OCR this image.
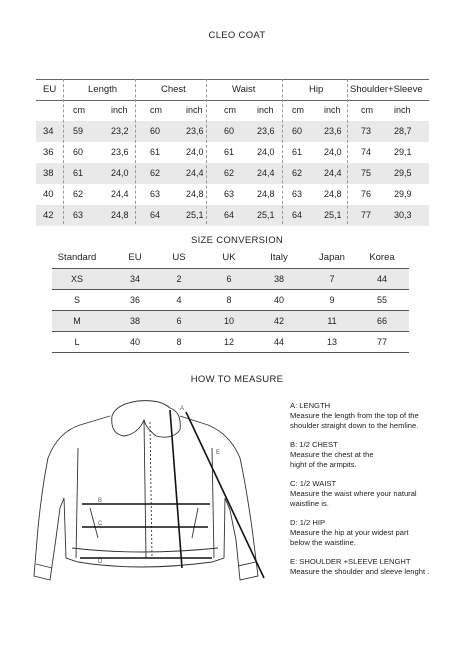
CLEO COAT
EU	Length	Chest	Waist	Hip	Shoulder+Sleeve
cm	inch cm	inch cm inch cm inch cm inch
34 59	23,2 60	23,6 60	23,6 60 23,6 73	28,7
36 60	23,6 61	24,0 61	24,0 61 24,0 74	29,1
38 61	24,0 62	24,4 62	24,4 62 24,4 75	29,5
40 62	24,4 63	24,8 63	24,8 63 24,8 76	29,9
42 63	24,8 64	25,1 64	25,1 64 25,1 77	30,3
SIZE CONVERSION
Standard	EU	US	UK	Italy	Japan	Korea
XS	34	2	6	38	7	44
S	36	4	8	40	9	55
M	38	6	10	42	11	66
L	40	8	12	44	13	77
HOW TO MEASURE
B
C
D
A
E

A: LENGTH
Measure the length from the top of the
shoulder straight down to the hemline.

B: 1/2 CHEST
Measure the chest at the
hight of the armpits.

C: 1/2 WAIST
Measure the waist where your natural
waistline is.

D: 1/2 HIP
Measure the hip at your widest part
below the waistline.

E: SHOULDER +SLEEVE LENGHT
Measure the shoulder and sleeve lenght .
